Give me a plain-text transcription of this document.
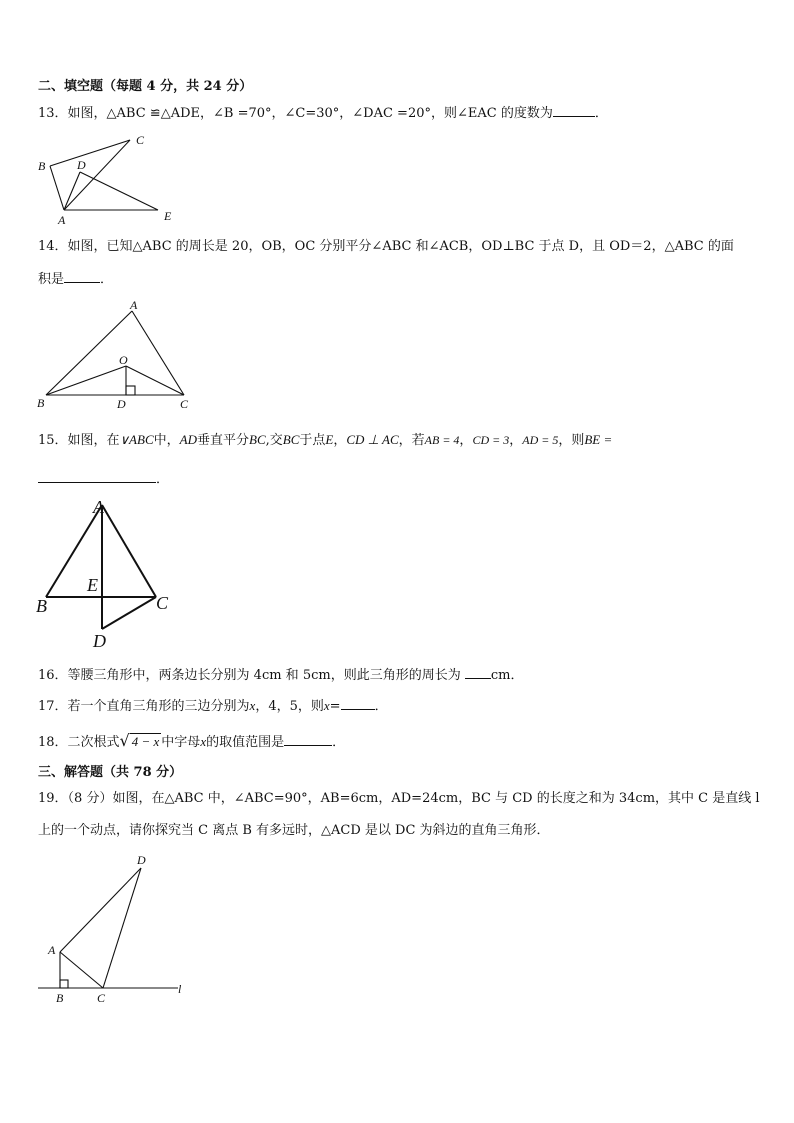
二、填空题（每题 4 分，共 24 分）
13．如图，△ABC ≌△ADE，∠B =70°，∠C=30°，∠DAC =20°，则∠EAC 的度数为	．
C
B	D
A	E
14．如图，已知△ABC 的周长是 20，OB，OC 分别平分∠ABC 和∠ACB，OD⊥BC 于点 D，且 OD＝2，△ABC 的面
积是	．
A
O
B	D	C
15．如图，在∨ABC中，AD垂直平分BC,交BC于点E，CD ⊥ AC，若AB = 4，CD = 3，AD = 5，则BE =
．
A
B
E
C
D
16．等腰三角形中，两条边长分别为 4cm 和 5cm，则此三角形的周长为 cm．
17．若一个直角三角形的三边分别为x，4，5，则x=	．
18．二次根式√ 4 − x 中字母x的取值范围是	．
三、解答题（共 78 分）
19．（8 分）如图，在△ABC 中，∠ABC=90°，AB=6cm，AD=24cm，BC 与 CD 的长度之和为 34cm，其中 C 是直线 l
上的一个动点，请你探究当 C 离点 B 有多远时，△ACD 是以 DC 为斜边的直角三角形．
D
A
B	C
l
